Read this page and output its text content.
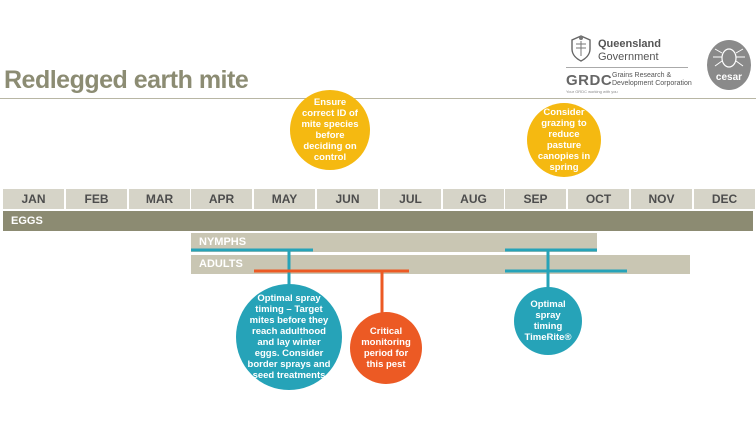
Queensland
Government
GRDC Grains Research &
Development Corporation
Your GRDC working with you
cesar
Redlegged earth mite
Ensure correct ID of mite species before deciding on control
Consider grazing to reduce pasture canopies in spring
JAN	FEB	MAR	APR	MAY	JUN	JUL	AUG	SEP	OCT	NOV	DEC
EGGS
NYMPHS
ADULTS
Optimal spray timing – Target mites before they reach adulthood and lay winter eggs. Consider border sprays and seed treatments
Critical monitoring period for this pest
Optimal spray timing TimeRite®
